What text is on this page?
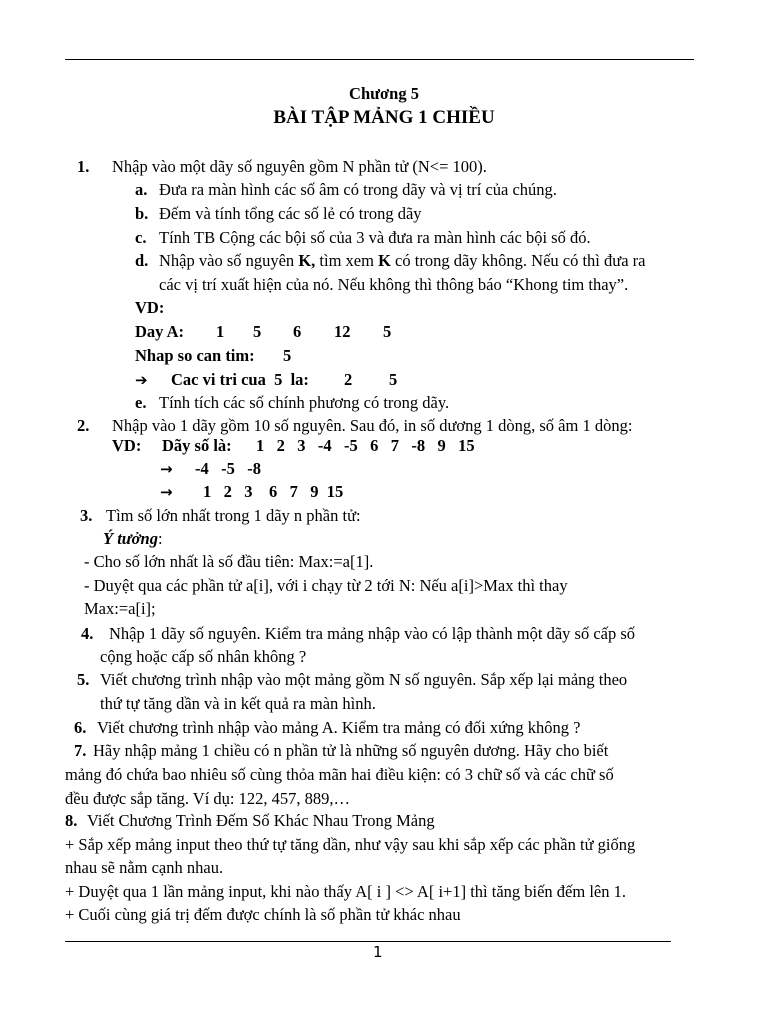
Chương 5
BÀI TẬP MẢNG 1 CHIỀU
1. Nhập vào một dãy số nguyên gồm N phần tử (N<= 100).
a. Đưa ra màn hình các số âm có trong dãy và vị trí của chúng.
b. Đếm và tính tổng các số lẻ có trong dãy
c. Tính TB Cộng các bội số của 3 và đưa ra màn hình các bội số đó.
d. Nhập vào số nguyên K, tìm xem K có trong dãy không. Nếu có thì đưa ra
các vị trí xuất hiện của nó. Nếu không thì thông báo “Khong tim thay”.
VD:
Day A: 1 5 6 12 5
Nhap so can tim: 5
➔ Cac vi tri cua  5  la: 2 5
e. Tính tích các số chính phương có trong dãy.
2. Nhập vào 1 dãy gồm 10 số nguyên. Sau đó, in số dương 1 dòng, số âm 1 dòng:
VD: Dãy số là: 1   2   3   -4   -5   6   7   -8   9   15
→ -4   -5   -8
→ 1   2   3    6   7   9  15
3. Tìm số lớn nhất trong 1 dãy n phần tử:
Ý tưởng:
- Cho số lớn nhất là số đầu tiên: Max:=a[1].
- Duyệt qua các phần tử a[i], với i chạy từ 2 tới N: Nếu a[i]>Max thì thay
Max:=a[i];
4. Nhập 1 dãy số nguyên. Kiểm tra mảng nhập vào có lập thành một dãy số cấp số
cộng hoặc cấp số nhân không ?
5. Viết chương trình nhập vào một mảng gồm N số nguyên. Sắp xếp lại mảng theo
thứ tự tăng dần và in kết quả ra màn hình.
6. Viết chương trình nhập vào mảng A. Kiểm tra mảng có đối xứng không ?
7. Hãy nhập mảng 1 chiều có n phần tử là những số nguyên dương. Hãy cho biết
mảng đó chứa bao nhiêu số cùng thỏa mãn hai điều kiện: có 3 chữ số và các chữ số
đều được sắp tăng. Ví dụ: 122, 457, 889,…
8. Viết Chương Trình Đếm Số Khác Nhau Trong Mảng
+ Sắp xếp mảng input theo thứ tự tăng dần, như vậy sau khi sắp xếp các phần tử giống
nhau sẽ nằm cạnh nhau.
+ Duyệt qua 1 lần mảng input, khi nào thấy A[ i ] <> A[ i+1] thì tăng biến đếm lên 1.
+ Cuối cùng giá trị đếm được chính là số phần tử khác nhau
1
